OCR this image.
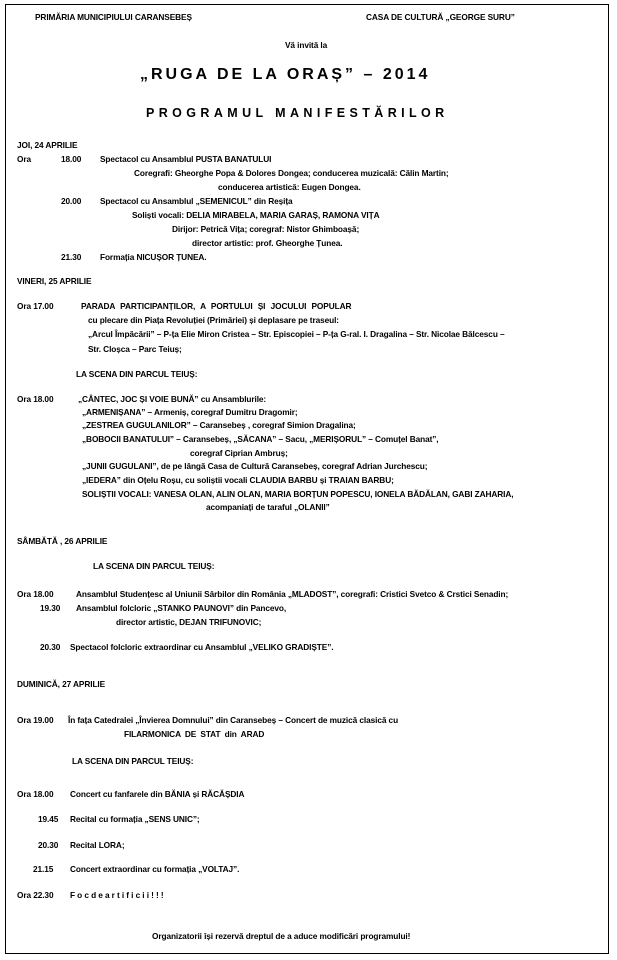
PRIMĂRIA MUNICIPIULUI CARANSEBEȘ	CASA DE CULTURĂ „GEORGE SURU”
Vă invită la
„RUGA DE LA ORAȘ” – 2014
PROGRAMUL MANIFESTĂRILOR
JOI, 24 APRILIE
Ora	18.00 Spectacol cu Ansamblul PUSTA BANATULUI
Coregrafi: Gheorghe Popa & Dolores Dongea; conducerea muzicală: Călin Martin;
conducerea artistică: Eugen Dongea.
20.00 Spectacol cu Ansamblul „SEMENICUL” din Reșița
Soliști vocali: DELIA MIRABELA, MARIA GARAȘ, RAMONA VIȚA
Dirijor: Petrică Vița; coregraf: Nistor Ghimboașă;
director artistic: prof. Gheorghe Țunea.
21.30 Formația NICUȘOR ȚUNEA.
VINERI, 25 APRILIE
Ora 17.00	PARADA PARTICIPANȚILOR, A PORTULUI ȘI JOCULUI POPULAR
cu plecare din Piața Revoluției (Primăriei) și deplasare pe traseul:
„Arcul Împăcării” – P-ța Elie Miron Cristea – Str. Episcopiei – P-ța G-ral. I. Dragalina – Str. Nicolae Bălcescu –
Str. Cloșca – Parc Teiuș;
LA SCENA DIN PARCUL TEIUȘ:
Ora 18.00	„CÂNTEC, JOC ȘI VOIE BUNĂ” cu Ansamblurile:
„ARMENIȘANA” – Armeniș, coregraf Dumitru Dragomir;
„ZESTREA GUGULANILOR” – Caransebeș , coregraf Simion Dragalina;
„BOBOCII BANATULUI” – Caransebeș, „SĂCANA” – Sacu, „MERIȘORUL” – Comuțel Banat”,
coregraf Ciprian Ambruș;
„JUNII GUGULANI”, de pe lângă Casa de Cultură Caransebeș, coregraf Adrian Jurchescu;
„IEDERA” din Oțelu Roșu, cu soliștii vocali CLAUDIA BARBU și TRAIAN BARBU;
SOLIȘTII VOCALI: VANESA OLAN, ALIN OLAN, MARIA BORȚUN POPESCU, IONELA BĂDĂLAN, GABI ZAHARIA,
acompaniați de taraful „OLANII”
SÂMBĂTĂ , 26 APRILIE
LA SCENA DIN PARCUL TEIUȘ:
Ora 18.00	Ansamblul Studențesc al Uniunii Sârbilor din România „MLADOST”, coregrafi: Cristici Svetco & Crstici Senadin;
19.30 Ansamblul folcloric „STANKO PAUNOVI” din Pancevo,
director artistic, DEJAN TRIFUNOVIC;
20.30 Spectacol folcloric extraordinar cu Ansamblul „VELIKO GRADIȘTE”.
DUMINICĂ, 27 APRILIE
Ora 19.00 În fața Catedralei „Învierea Domnului” din Caransebeș – Concert de muzică clasică cu
FILARMONICA DE STAT din ARAD
LA SCENA DIN PARCUL TEIUȘ:
Ora 18.00 Concert cu fanfarele din BĂNIA și RĂCĂȘDIA
19.45 Recital cu formația „SENS UNIC”;
20.30 Recital LORA;
21.15 Concert extraordinar cu formația „VOLTAJ”.
Ora 22.30 F o c d e a r t i f i c i i ! ! !
Organizatorii își rezervă dreptul de a aduce modificări programului!
